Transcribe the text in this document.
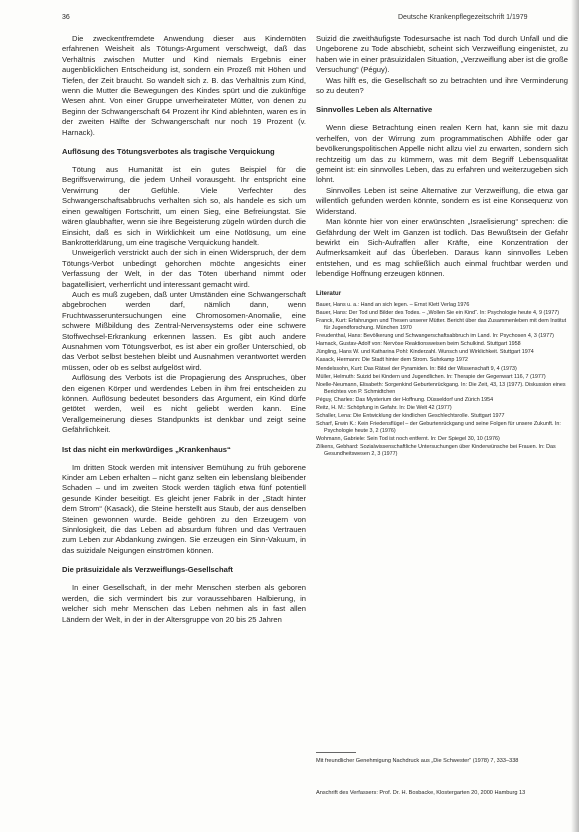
36	Deutsche Krankenpflegezeitschrift 1/1979

Die zweckentfremdete Anwendung dieser aus Kindernöten erfahrenen Weisheit als Tötungs-Argument verschweigt, daß das Verhältnis zwischen Mutter und Kind niemals Ergebnis einer augenblicklichen Entscheidung ist, sondern ein Prozeß mit Höhen und Tiefen, der Zeit braucht. So wandelt sich z. B. das Verhältnis zum Kind, wenn die Mutter die Bewegungen des Kindes spürt und die zukünftige Wesen ahnt. Von einer Gruppe unverheirateter Mütter, von denen zu Beginn der Schwangerschaft 64 Prozent ihr Kind ablehnten, waren es in der zweiten Hälfte der Schwangerschaft nur noch 19 Prozent (v. Harnack).

Auflösung des Tötungsverbotes als tragische Verquickung

Tötung aus Humanität ist ein gutes Beispiel für die Begriffsverwirrung, die jedem Unheil vorausgeht. Ihr entspricht eine Verwirrung der Gefühle. Viele Verfechter des Schwangerschaftsabbruchs verhalten sich so, als handele es sich um einen gewaltigen Fortschritt, um einen Sieg, eine Befreiungstat. Sie wären glaubhafter, wenn sie ihre Begeisterung zügeln würden durch die Einsicht, daß es sich in Wirklichkeit um eine Notlösung, um eine Bankrotterklärung, um eine tragische Verquickung handelt.

Unweigerlich verstrickt auch der sich in einen Widerspruch, der dem Tötungs-Verbot unbedingt gehorchen möchte angesichts einer Verfassung der Welt, in der das Töten überhand nimmt oder bagatellisiert, verherrlicht und interessant gemacht wird.

Auch es muß zugeben, daß unter Umständen eine Schwangerschaft abgebrochen werden darf, nämlich dann, wenn Fruchtwasseruntersuchungen eine Chromosomen-Anomalie, eine schwere Mißbildung des Zentral-Nervensystems oder eine schwere Stoffwechsel-Erkrankung erkennen lassen. Es gibt auch andere Ausnahmen vom Tötungsverbot, es ist aber ein großer Unterschied, ob das Verbot selbst bestehen bleibt und Ausnahmen verantwortet werden müssen, oder ob es selbst aufgelöst wird.

Auflösung des Verbots ist die Propagierung des Anspruches, über den eigenen Körper und werdendes Leben in ihm frei entscheiden zu können. Auflösung bedeutet besonders das Argument, ein Kind dürfe getötet werden, weil es nicht geliebt werden kann. Eine Verallgemeinerung dieses Standpunkts ist denkbar und zeigt seine Gefährlichkeit.

Ist das nicht ein merkwürdiges „Krankenhaus“

Im dritten Stock werden mit intensiver Bemühung zu früh geborene Kinder am Leben erhalten – nicht ganz selten ein lebenslang bleibender Schaden – und im zweiten Stock werden täglich etwa fünf potentiell gesunde Kinder beseitigt. Es gleicht jener Fabrik in der „Stadt hinter dem Strom“ (Kasack), die Steine herstellt aus Staub, der aus denselben Steinen gewonnen wurde. Beide gehören zu den Erzeugern von Sinnlosigkeit, die das Leben ad absurdum führen und das Vertrauen zum Leben zur Abdankung zwingen. Sie erzeugen ein Sinn-Vakuum, in das suizidale Neigungen einströmen können.

Die präsuizidale als Verzweiflungs-Gesellschaft

In einer Gesellschaft, in der mehr Menschen sterben als geboren werden, die sich vermindert bis zur voraussehbaren Halbierung, in welcher sich mehr Menschen das Leben nehmen als in fast allen Ländern der Welt, in der in der Altersgruppe von 20 bis 25 Jahren

Suizid die zweithäufigste Todesursache ist nach Tod durch Unfall und die Ungeborene zu Tode abschiebt, scheint sich Verzweiflung eingenistet, zu haben wie in einer präsuizidalen Situation, „Verzweiflung aber ist die große Versuchung“ (Péguy).

Was hilft es, die Gesellschaft so zu betrachten und ihre Verminderung so zu deuten?

Sinnvolles Leben als Alternative

Wenn diese Betrachtung einen realen Kern hat, kann sie mit dazu verhelfen, von der Wirrung zum programmatischen Abhilfe oder gar bevölkerungspolitischen Appelle nicht allzu viel zu erwarten, sondern sich rechtzeitig um das zu kümmern, was mit dem Begriff Lebensqualität gemeint ist: ein sinnvolles Leben, das zu erfahren und weiterzugeben sich lohnt.

Sinnvolles Leben ist seine Alternative zur Verzweiflung, die etwa gar willentlich gefunden werden könnte, sondern es ist eine Konsequenz von Widerstand.

Man könnte hier von einer erwünschten „Israelisierung“ sprechen: die Gefährdung der Welt im Ganzen ist todlich. Das Bewußtsein der Gefahr bewirkt ein Sich-Aufraffen aller Kräfte, eine Konzentration der Aufmerksamkeit auf das Überleben. Daraus kann sinnvolles Leben entstehen, und es mag schließlich auch einmal fruchtbar werden und lebendige Hoffnung erzeugen können.

Literatur
Bauer, Hans u. a.: Hand an sich legen. – Ernst Klett Verlag 1976
Bauer, Hans: Der Tod und Bilder des Todes. – „Wollen Sie ein Kind“. In: Psychologie heute 4, 9 (1977)
Franck, Kurt: Erfahrungen und Thesen unserer Mütter. Bericht über das Zusammenleben mit dem Institut für Jugendforschung. München 1970
Freudenthal, Hans: Bevölkerung und Schwangerschaftsabbruch im Land. In: Psychosen 4, 3 (1977)
Harnack, Gustav-Adolf von: Nervöse Reaktionsweisen beim Schulkind. Stuttgart 1958
Jüngling, Hans W. und Katharina Pohl: Kinderzahl. Wunsch und Wirklichkeit. Stuttgart 1974
Kasack, Hermann: Die Stadt hinter dem Strom. Suhrkamp 1972
Mendelssohn, Kurt: Das Rätsel der Pyramiden. In: Bild der Wissenschaft 9, 4 (1973)
Müller, Helmuth: Suizid bei Kindern und Jugendlichen. In: Therapie der Gegenwart 116, 7 (1977)
Noelle-Neumann, Elisabeth: Sorgenkind Geburtenrückgang. In: Die Zeit, 43, 13 (1977). Diskussion eines Berichtes von P. Schmidtchen
Péguy, Charles: Das Mysterium der Hoffnung. Düsseldorf und Zürich 1954
Reitz, H. M.: Schöpfung in Gefahr. In: Die Welt 42 (1977)
Schaller, Lena: Die Entwicklung der kindlichen Geschlechtsrolle. Stuttgart 1977
Scharf, Erwin K.: Kein Friedensflügel – der Geburtenrückgang und seine Folgen für unsere Zukunft. In: Psychologie heute 3, 2 (1976)
Wohmann, Gabriele: Sein Tod ist noch entfernt. In: Der Spiegel 30, 10 (1976)
Zilkens, Gebhard: Sozialwissenschaftliche Untersuchungen über Kinderwünsche bei Frauen. In: Das Gesundheitswesen 2, 3 (1977)
Mit freundlicher Genehmigung Nachdruck aus „Die Schwester“ (1978) 7, 333–338
Anschrift des Verfassers: Prof. Dr. H. Bosbacke, Klostergarten 20, 2000 Hamburg 13
